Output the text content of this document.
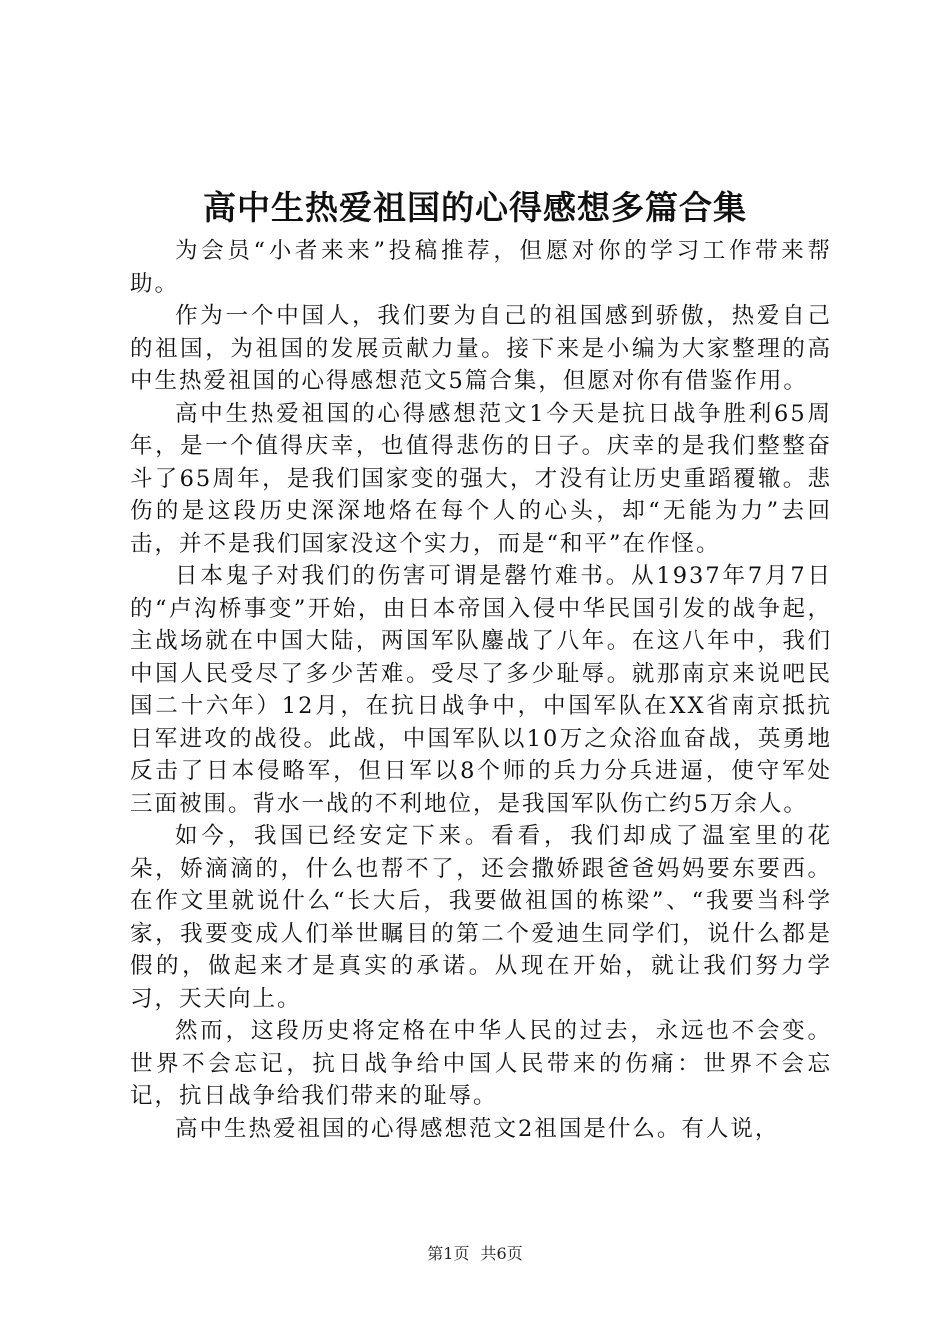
高中生热爱祖国的心得感想多篇合集

为会员“小者来来”投稿推荐，但愿对你的学习工作带来帮助。

作为一个中国人，我们要为自己的祖国感到骄傲，热爱自己的祖国，为祖国的发展贡献力量。接下来是小编为大家整理的高中生热爱祖国的心得感想范文5篇合集，但愿对你有借鉴作用。

高中生热爱祖国的心得感想范文1今天是抗日战争胜利65周年，是一个值得庆幸，也值得悲伤的日子。庆幸的是我们整整奋斗了65周年，是我们国家变的强大，才没有让历史重蹈覆辙。悲伤的是这段历史深深地烙在每个人的心头，却“无能为力”去回击，并不是我们国家没这个实力，而是“和平”在作怪。

日本鬼子对我们的伤害可谓是罄竹难书。从1937年7月7日的“卢沟桥事变”开始，由日本帝国入侵中华民国引发的战争起，主战场就在中国大陆，两国军队鏖战了八年。在这八年中，我们中国人民受尽了多少苦难。受尽了多少耻辱。就那南京来说吧民国二十六年）12月，在抗日战争中，中国军队在XX省南京抵抗日军进攻的战役。此战，中国军队以10万之众浴血奋战，英勇地反击了日本侵略军，但日军以8个师的兵力分兵进逼，使守军处三面被围。背水一战的不利地位，是我国军队伤亡约5万余人。

如今，我国已经安定下来。看看，我们却成了温室里的花朵，娇滴滴的，什么也帮不了，还会撒娇跟爸爸妈妈要东要西。在作文里就说什么“长大后，我要做祖国的栋梁”、“我要当科学家，我要变成人们举世瞩目的第二个爱迪生同学们，说什么都是假的，做起来才是真实的承诺。从现在开始，就让我们努力学习，天天向上。

然而，这段历史将定格在中华人民的过去，永远也不会变。世界不会忘记，抗日战争给中国人民带来的伤痛：世界不会忘记，抗日战争给我们带来的耻辱。

高中生热爱祖国的心得感想范文2祖国是什么。有人说，

第1页 共6页
